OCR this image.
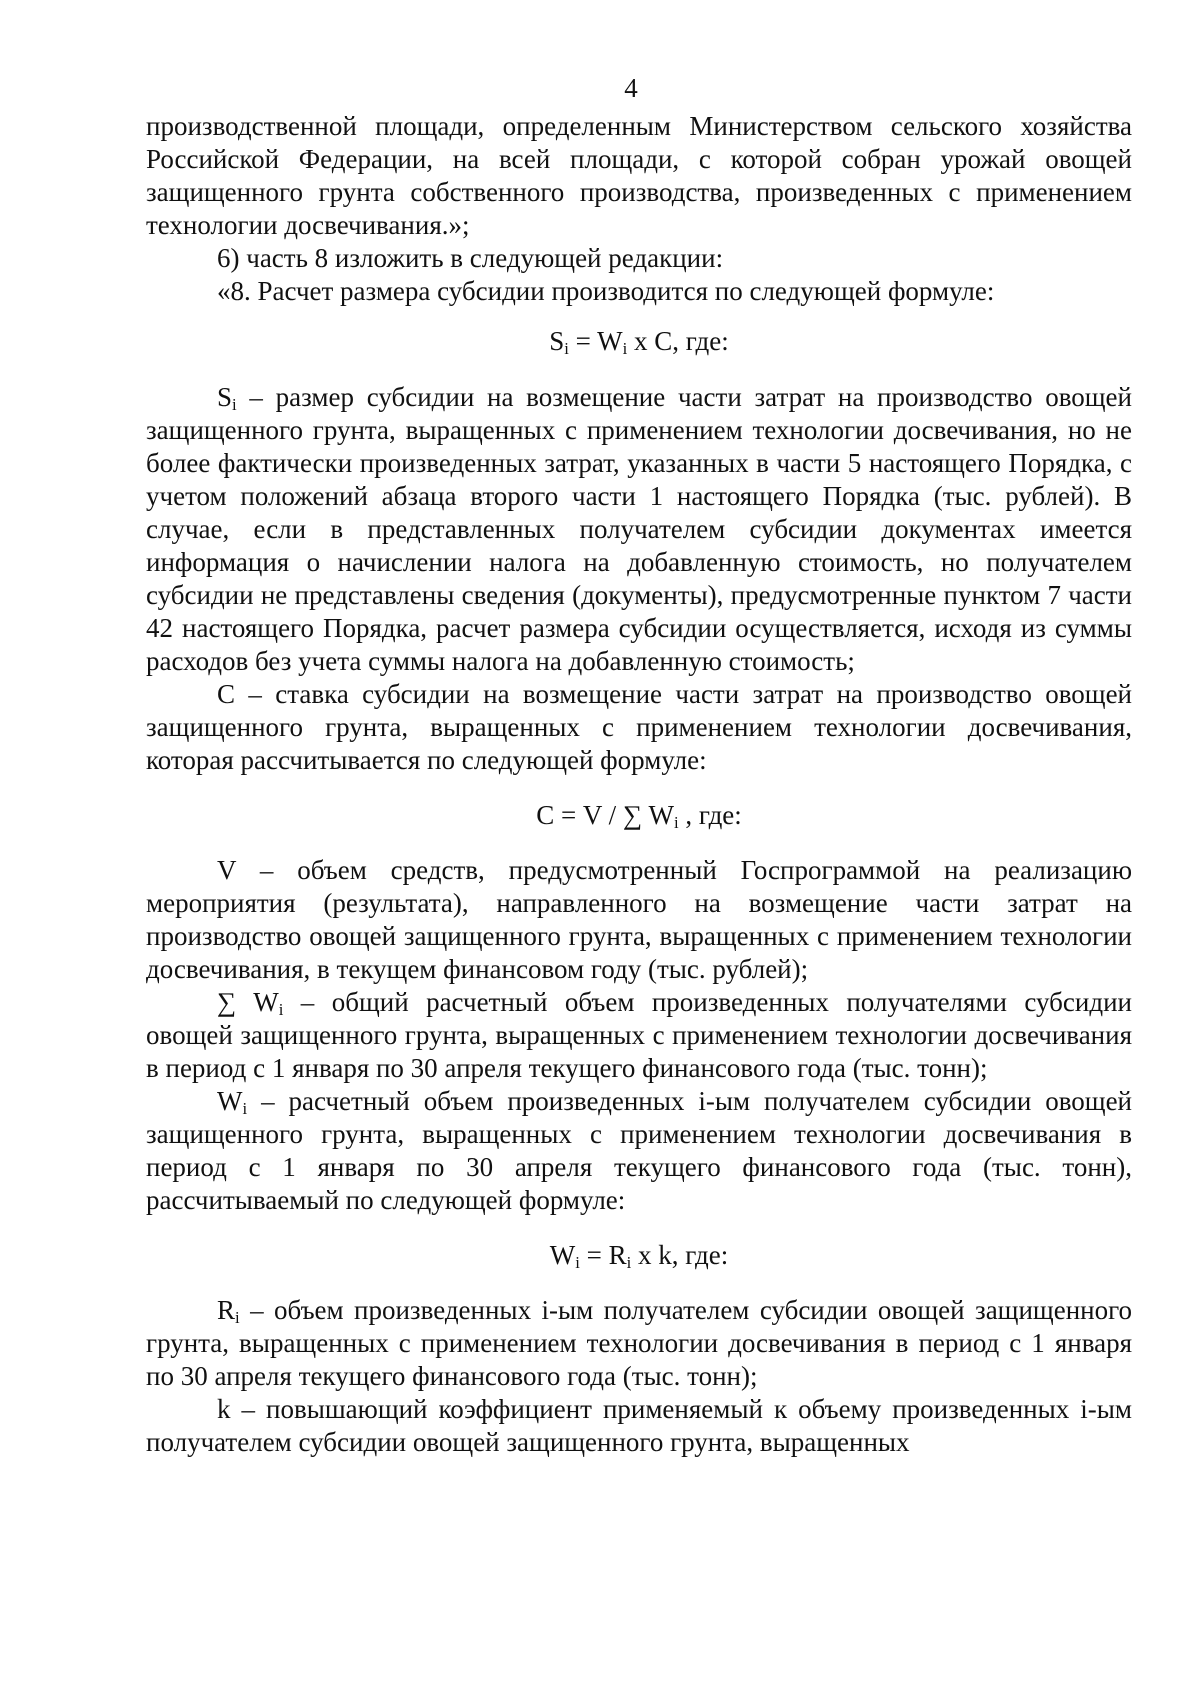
4

производственной площади, определенным Министерством сельского хозяйства Российской Федерации, на всей площади, с которой собран урожай овощей защищенного грунта собственного производства, произведенных с применением технологии досвечивания.»;

6) часть 8 изложить в следующей редакции:

«8. Расчет размера субсидии производится по следующей формуле:

$S_i = W_i$ x С, где:

$S_i$ – размер субсидии на возмещение части затрат на производство овощей защищенного грунта, выращенных с применением технологии досвечивания, но не более фактически произведенных затрат, указанных в части 5 настоящего Порядка, с учетом положений абзаца второго части 1 настоящего Порядка (тыс. рублей). В случае, если в представленных получателем субсидии документах имеется информация о начислении налога на добавленную стоимость, но получателем субсидии не представлены сведения (документы), предусмотренные пунктом 7 части 42 настоящего Порядка, расчет размера субсидии осуществляется, исходя из суммы расходов без учета суммы налога на добавленную стоимость;

С – ставка субсидии на возмещение части затрат на производство овощей защищенного грунта, выращенных с применением технологии досвечивания, которая рассчитывается по следующей формуле:

С = V / ∑ $W_i$ , где:

V – объем средств, предусмотренный Госпрограммой на реализацию мероприятия (результата), направленного на возмещение части затрат на производство овощей защищенного грунта, выращенных с применением технологии досвечивания, в текущем финансовом году (тыс. рублей);

∑ $W_i$ – общий расчетный объем произведенных получателями субсидии овощей защищенного грунта, выращенных с применением технологии досвечивания в период с 1 января по 30 апреля текущего финансового года (тыс. тонн);

$W_i$ – расчетный объем произведенных i-ым получателем субсидии овощей защищенного грунта, выращенных с применением технологии досвечивания в период с 1 января по 30 апреля текущего финансового года (тыс. тонн), рассчитываемый по следующей формуле:

$W_i = R_i$ x k, где:

$R_i$ – объем произведенных i-ым получателем субсидии овощей защищенного грунта, выращенных с применением технологии досвечивания в период с 1 января по 30 апреля текущего финансового года (тыс. тонн);

k – повышающий коэффициент применяемый к объему произведенных i-ым получателем субсидии овощей защищенного грунта, выращенных
